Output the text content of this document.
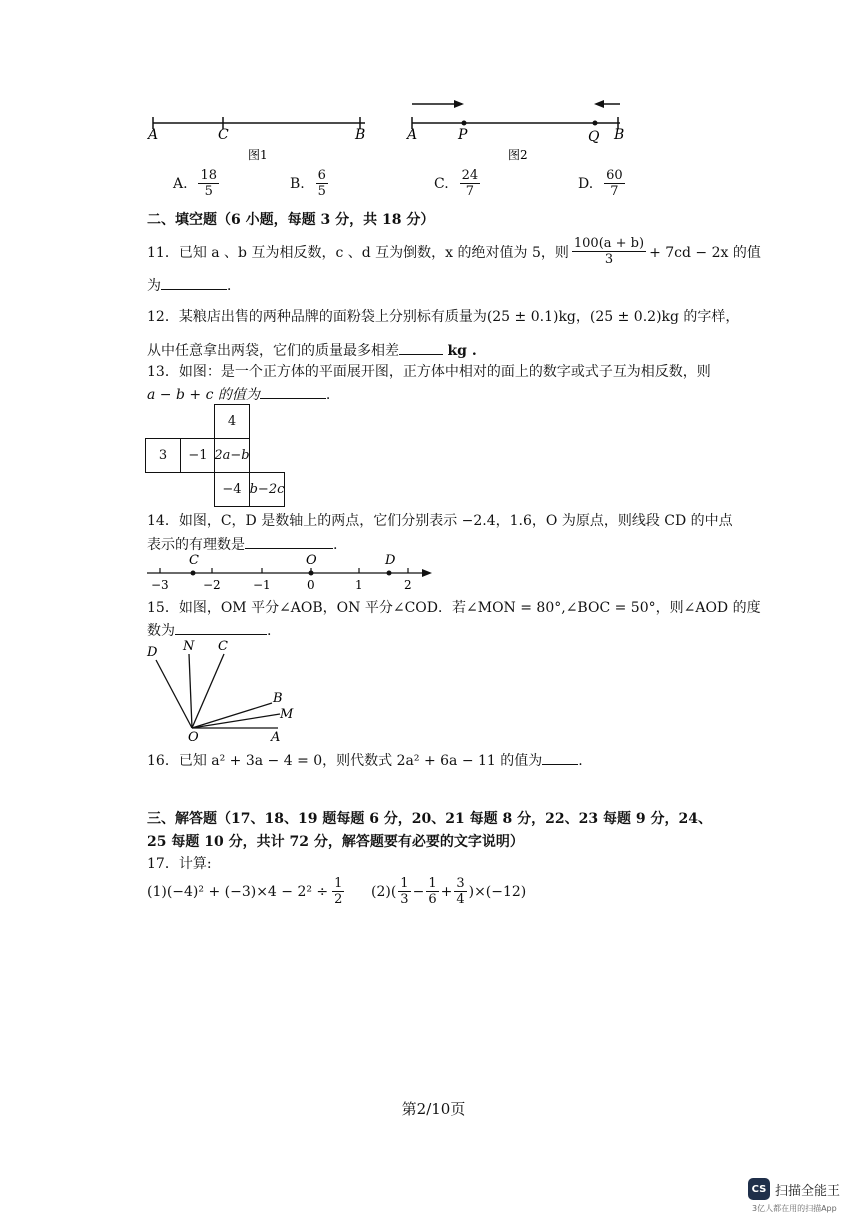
A	C	B
图1
A	P	Q B
图2
A.
$\frac{18}{5}$	B.
$\frac{6}{5}$	C.
$\frac{24}{7}$	D.
$\frac{60}{7}$
二、填空题（6 小题，每题 3 分，共 18 分）
11．已知 a 、b 互为相反数，c 、d 互为倒数，x 的绝对值为 5，则 $\frac{100(a + b)}{3} + 7cd - 2x$ 的值
为	．
12．某粮店出售的两种品牌的面粉袋上分别标有质量为(25 ± 0.1)kg，(25 ± 0.2)kg 的字样，
从中任意拿出两袋，它们的质量最多相差	kg .
13．如图：是一个正方体的平面展开图，正方体中相对的面上的数字或式子互为相反数，则
a − b + c 的值为	.
4
3	−1 2a−b
−4 b−2c
14．如图，C，D 是数轴上的两点，它们分别表示 −2.4，1.6，O 为原点，则线段 CD 的中点
表示的有理数是	.
C	O	D
−3	−2	−1	0	1	2
15．如图，OM 平分∠AOB，ON 平分∠COD．若∠MON = 80°,∠BOC = 50°，则∠AOD 的度
数为	.
D N C
B
M
O	A
16．已知 a² + 3a − 4 = 0，则代数式 2a² + 6a − 11 的值为	.
三、解答题（17、18、19 题每题 6 分，20、21 每题 8 分，22、23 每题 9 分，24、
25 每题 10 分，共计 72 分，解答题要有必要的文字说明）
17．计算:
$(1)(-4)^2 + (-3)\times 4 - 2^2 \div \frac{1}{2} (2)( \frac{1}{3} - \frac{1}{6} + \frac{3}{4} )\times(-12)$
第2/10页
CS 扫描全能王
3亿人都在用的扫描App
